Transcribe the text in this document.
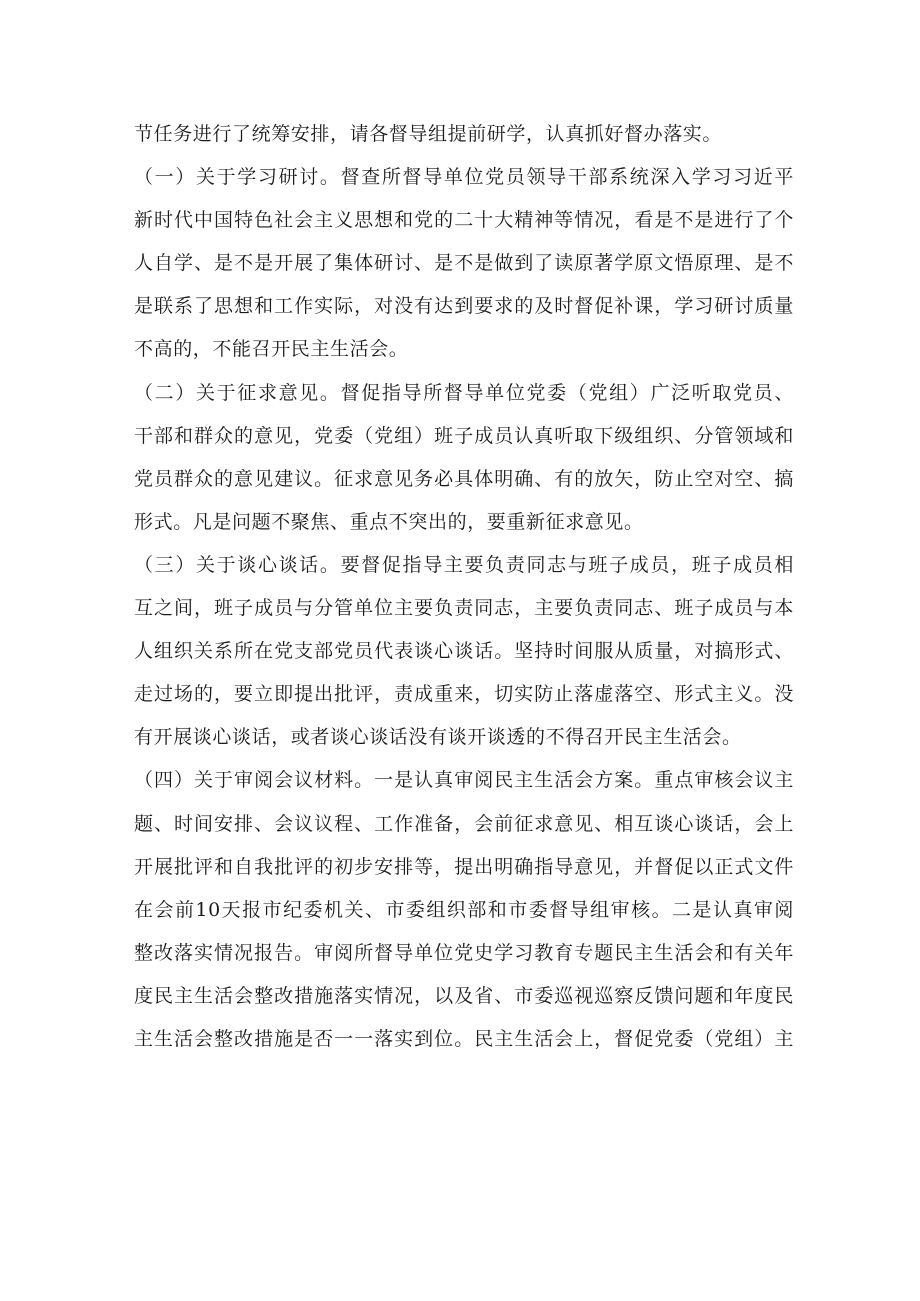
节任务进行了统筹安排，请各督导组提前研学，认真抓好督办落实。
（一）关于学习研讨。督查所督导单位党员领导干部系统深入学习习近平
新时代中国特色社会主义思想和党的二十大精神等情况，看是不是进行了个
人自学、是不是开展了集体研讨、是不是做到了读原著学原文悟原理、是不
是联系了思想和工作实际，对没有达到要求的及时督促补课，学习研讨质量
不高的，不能召开民主生活会。
（二）关于征求意见。督促指导所督导单位党委（党组）广泛听取党员、
干部和群众的意见，党委（党组）班子成员认真听取下级组织、分管领域和
党员群众的意见建议。征求意见务必具体明确、有的放矢，防止空对空、搞
形式。凡是问题不聚焦、重点不突出的，要重新征求意见。
（三）关于谈心谈话。要督促指导主要负责同志与班子成员，班子成员相
互之间，班子成员与分管单位主要负责同志，主要负责同志、班子成员与本
人组织关系所在党支部党员代表谈心谈话。坚持时间服从质量，对搞形式、
走过场的，要立即提出批评，责成重来，切实防止落虚落空、形式主义。没
有开展谈心谈话，或者谈心谈话没有谈开谈透的不得召开民主生活会。
（四）关于审阅会议材料。一是认真审阅民主生活会方案。重点审核会议主
题、时间安排、会议议程、工作准备，会前征求意见、相互谈心谈话，会上
开展批评和自我批评的初步安排等，提出明确指导意见，并督促以正式文件
在会前10天报市纪委机关、市委组织部和市委督导组审核。二是认真审阅
整改落实情况报告。审阅所督导单位党史学习教育专题民主生活会和有关年
度民主生活会整改措施落实情况，以及省、市委巡视巡察反馈问题和年度民
主生活会整改措施是否一一落实到位。民主生活会上，督促党委（党组）主
